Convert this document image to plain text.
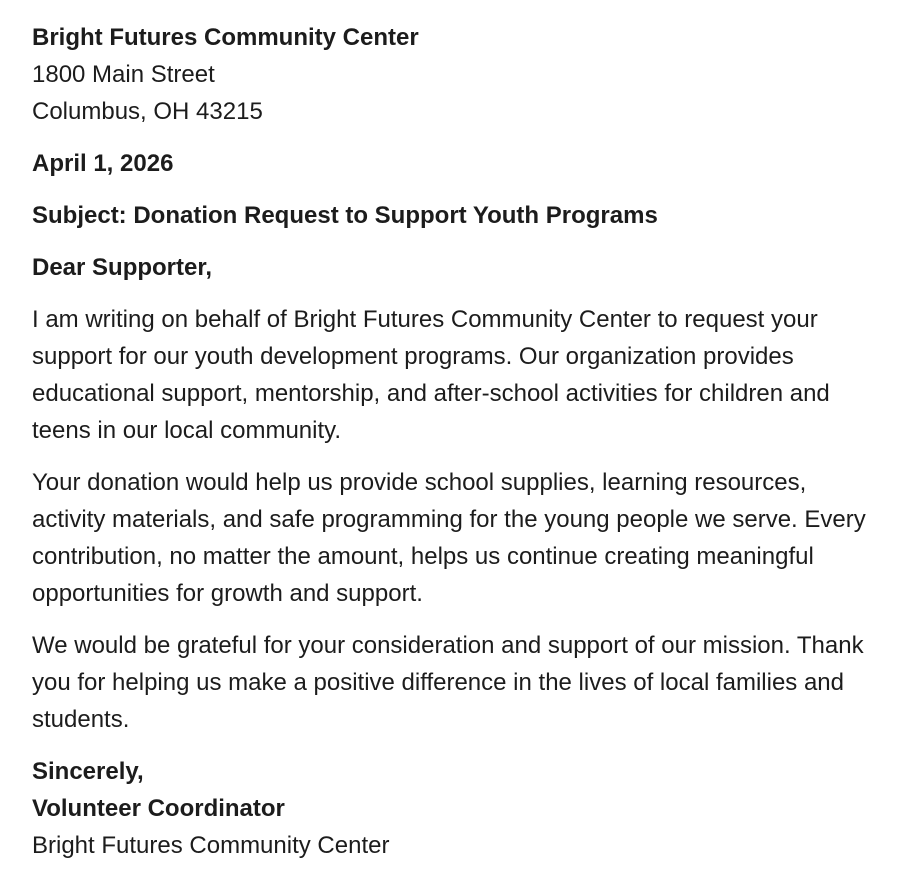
Bright Futures Community Center
1800 Main Street
Columbus, OH 43215
April 1, 2026
Subject: Donation Request to Support Youth Programs
Dear Supporter,

I am writing on behalf of Bright Futures Community Center to request your support for our youth development programs. Our organization provides educational support, mentorship, and after-school activities for children and teens in our local community.

Your donation would help us provide school supplies, learning resources, activity materials, and safe programming for the young people we serve. Every contribution, no matter the amount, helps us continue creating meaningful opportunities for growth and support.

We would be grateful for your consideration and support of our mission. Thank you for helping us make a positive difference in the lives of local families and students.

Sincerely,
Volunteer Coordinator
Bright Futures Community Center
